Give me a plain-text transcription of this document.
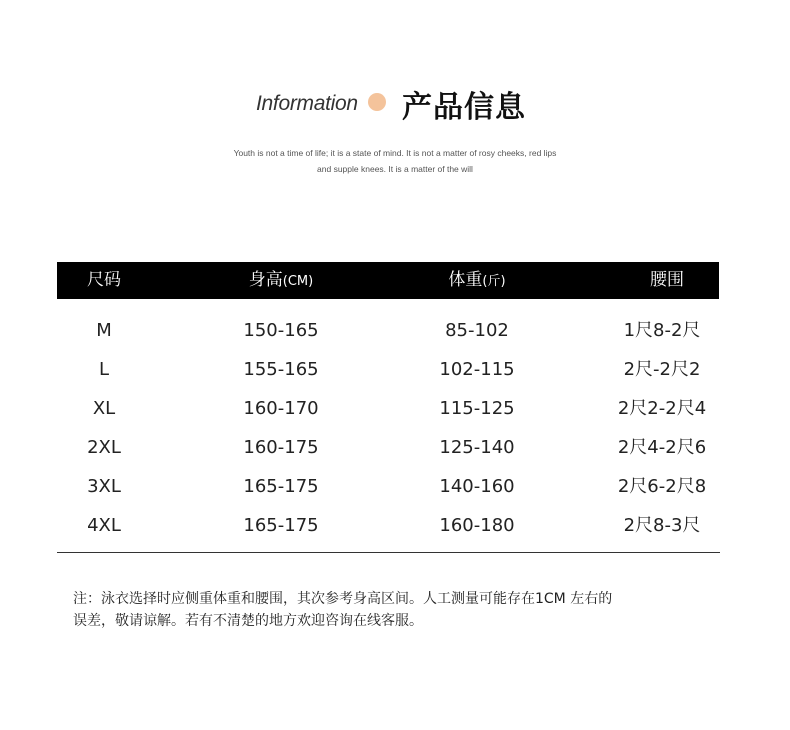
Information 产品信息
Youth is not a time of life; it is a state of mind. It is not a matter of rosy cheeks, red lips
and supple knees. It is a matter of the will
尺码	身高(CM)	体重(斤)	腰围
M	150-165	85-102	1尺8-2尺
L	155-165	102-115	2尺-2尺2
XL	160-170	115-125	2尺2-2尺4
2XL	160-175	125-140	2尺4-2尺6
3XL	165-175	140-160	2尺6-2尺8
4XL	165-175	160-180	2尺8-3尺
注：泳衣选择时应侧重体重和腰围，其次参考身高区间。人工测量可能存在1CM 左右的
误差，敬请谅解。若有不清楚的地方欢迎咨询在线客服。
